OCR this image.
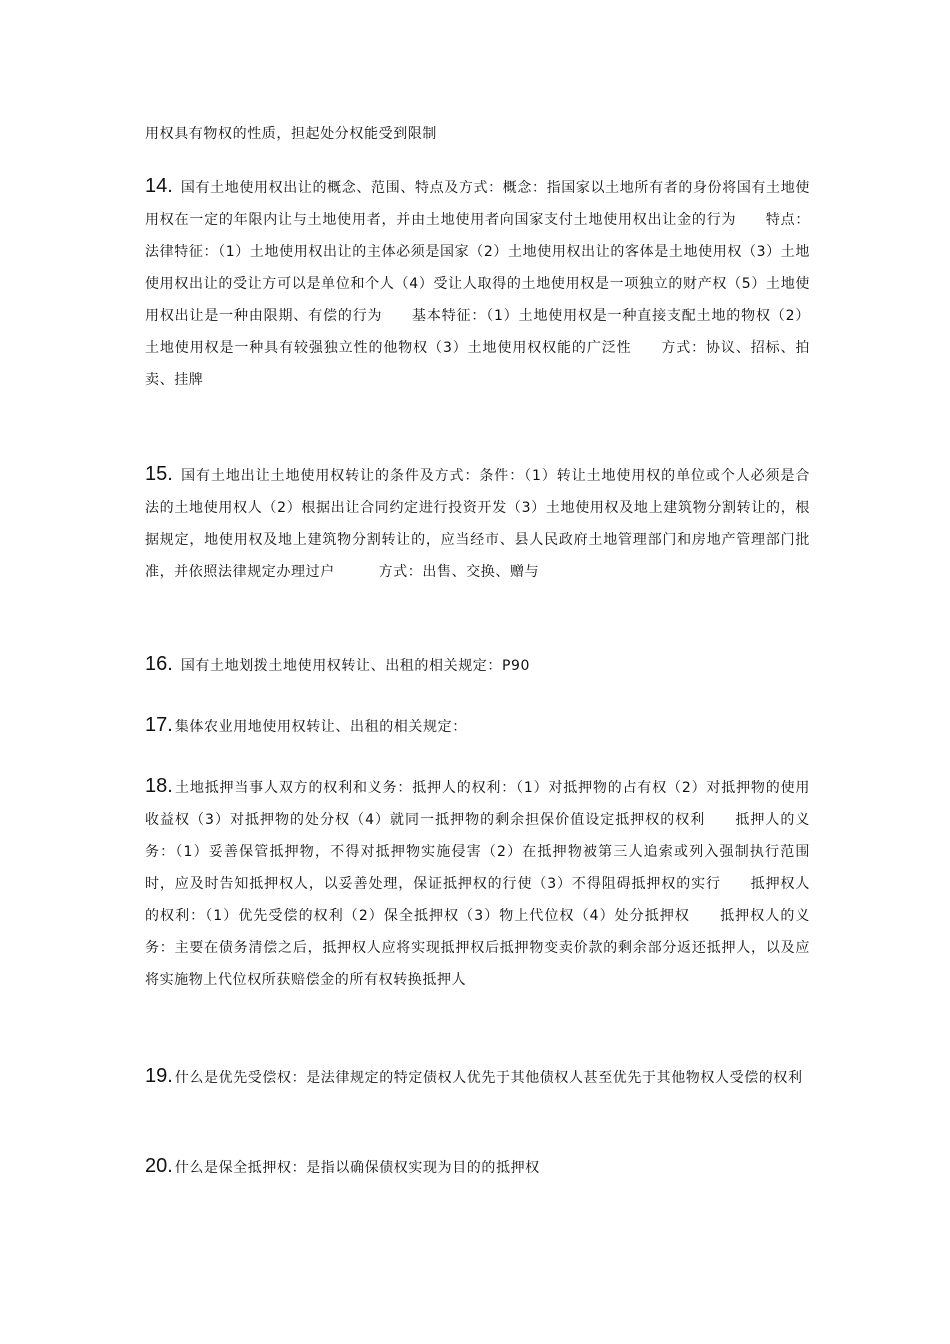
用权具有物权的性质，担起处分权能受到限制
14. 国有土地使用权出让的概念、范围、特点及方式：概念：指国家以土地所有者的身份将国有土地使用权在一定的年限内让与土地使用者，并由土地使用者向国家支付土地使用权出让金的行为　　特点：法律特征：（1）土地使用权出让的主体必须是国家（2）土地使用权出让的客体是土地使用权（3）土地使用权出让的受让方可以是单位和个人（4）受让人取得的土地使用权是一项独立的财产权（5）土地使用权出让是一种由限期、有偿的行为　　基本特征：（1）土地使用权是一种直接支配土地的物权（2）土地使用权是一种具有较强独立性的他物权（3）土地使用权权能的广泛性　　方式：协议、招标、拍卖、挂牌
15. 国有土地出让土地使用权转让的条件及方式：条件：（1）转让土地使用权的单位或个人必须是合法的土地使用权人（2）根据出让合同约定进行投资开发（3）土地使用权及地上建筑物分割转让的，根据规定，地使用权及地上建筑物分割转让的，应当经市、县人民政府土地管理部门和房地产管理部门批准，并依照法律规定办理过户　　　方式：出售、交换、赠与
16. 国有土地划拨土地使用权转让、出租的相关规定：P90
17. 集体农业用地使用权转让、出租的相关规定：
18. 土地抵押当事人双方的权利和义务：抵押人的权利：（1）对抵押物的占有权（2）对抵押物的使用收益权（3）对抵押物的处分权（4）就同一抵押物的剩余担保价值设定抵押权的权利　　抵押人的义务：（1）妥善保管抵押物，不得对抵押物实施侵害（2）在抵押物被第三人追索或列入强制执行范围时，应及时告知抵押权人，以妥善处理，保证抵押权的行使（3）不得阻碍抵押权的实行　　抵押权人的权利：（1）优先受偿的权利（2）保全抵押权（3）物上代位权（4）处分抵押权　　抵押权人的义务：主要在债务清偿之后，抵押权人应将实现抵押权后抵押物变卖价款的剩余部分返还抵押人，以及应将实施物上代位权所获赔偿金的所有权转换抵押人
19. 什么是优先受偿权：是法律规定的特定债权人优先于其他债权人甚至优先于其他物权人受偿的权利
20. 什么是保全抵押权：是指以确保债权实现为目的的抵押权
